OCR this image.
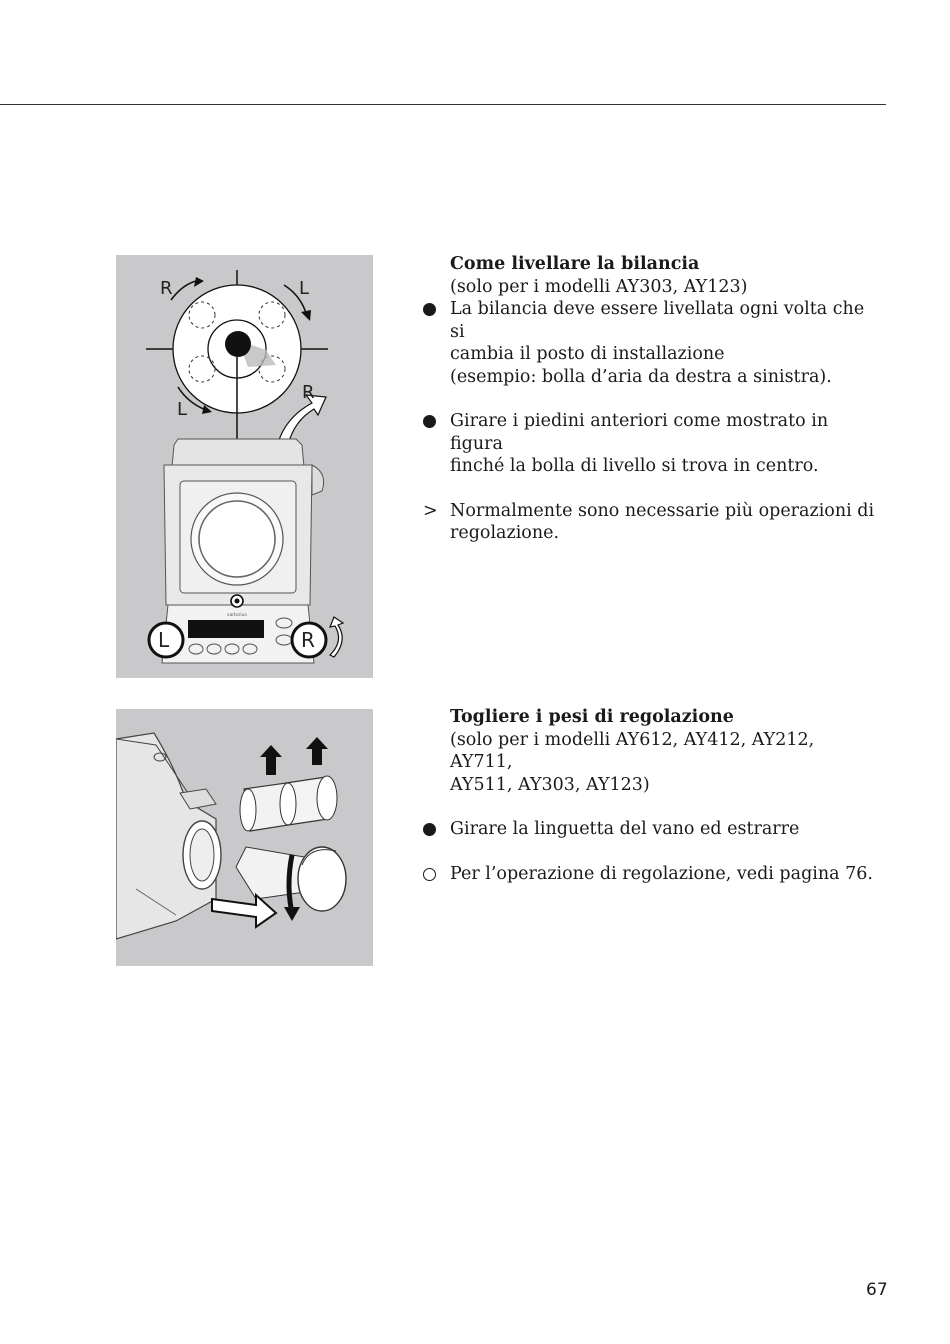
sartorius
R	L
L
R
L	R
Come livellare la bilancia
(solo per i modelli AY303, AY123)
La bilancia deve essere livellata ogni volta che si
cambia il posto di installazione
(esempio: bolla d’aria da destra a sinistra).
Girare i piedini anteriori come mostrato in figura
finché la bolla di livello si trova in centro.
> Normalmente sono necessarie più operazioni di
regolazione.
Togliere i pesi di regolazione
(solo per i modelli AY612, AY412, AY212, AY711,
AY511, AY303, AY123)
Girare la linguetta del vano ed estrarre
Per l’operazione di regolazione, vedi pagina 76.
67
